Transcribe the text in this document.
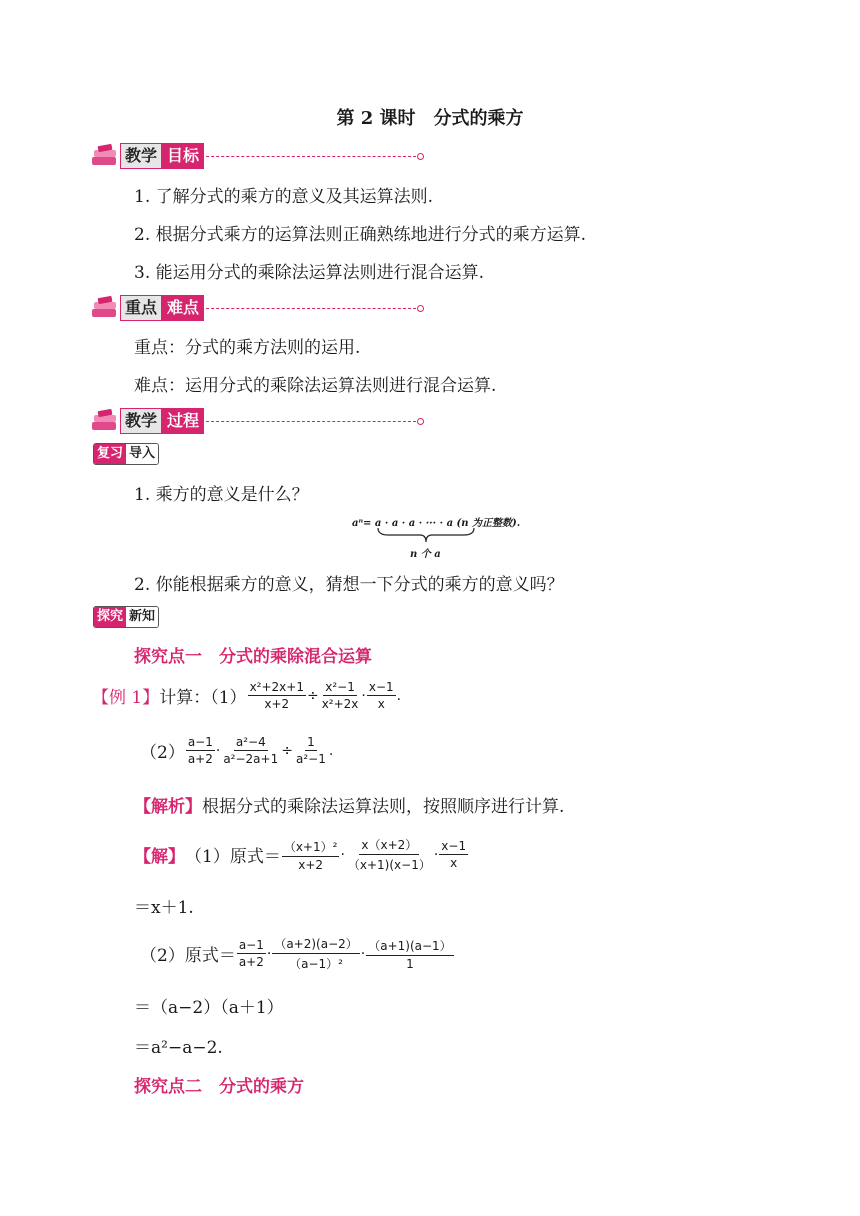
第 2 课时　分式的乘方
教学 目标
1. 了解分式的乘方的意义及其运算法则.
2. 根据分式乘方的运算法则正确熟练地进行分式的乘方运算.
3. 能运用分式的乘除法运算法则进行混合运算.
重点 难点
重点：分式的乘方法则的运用.
难点：运用分式的乘除法运算法则进行混合运算.
教学 过程
复习 导入
1. 乘方的意义是什么？
aⁿ= a · a · a · ··· · a (n 为正整数).
n 个 a
2. 你能根据乘方的意义，猜想一下分式的乘方的意义吗？
探究 新知
探究点一　分式的乘除混合运算
【例 1】 计算：$(1) \frac{\text{x²+2x+1}}{x+2} \div \frac{\text{x²−1}}{\text{x²+2x}} \cdot \frac{x-1}{x}$ .
$(2) \frac{a-1}{a+2} \cdot \frac{\text{a²−4}}{\text{a²−2a+1}} \div \frac{1}{\text{a²−1}}$ .
【解析】根据分式的乘除法运算法则，按照顺序进行计算.
【解】 （1）原式＝ $\frac{\text{（x+1）²}}{x+2} \cdot \frac{x(x+2)}{(x+1)(x-1)} \cdot \frac{x-1}{x}$
＝x＋1.
（2）原式＝ $\frac{a-1}{a+2} \cdot \frac{(a+2)(a-2)}{\text{（a−1）²}} \cdot \frac{(a+1)(a-1)}{1}$
＝（a−2）（a＋1）
＝a²−a−2.
探究点二　分式的乘方
